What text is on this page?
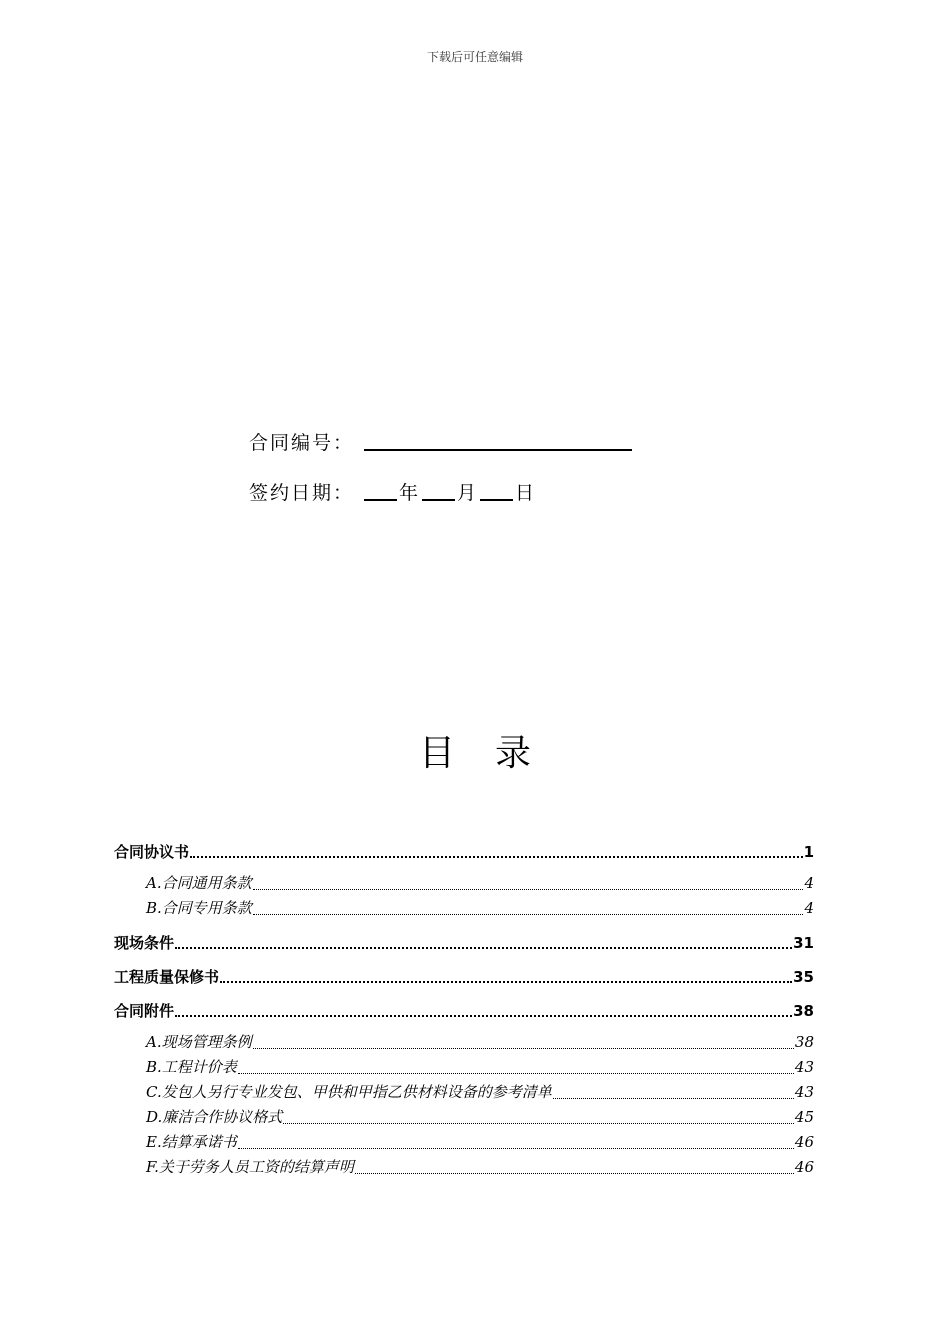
下载后可任意编辑
合同编号：
签约日期： 年 月 日
目录
合同协议书	1
A.合同通用条款	4
B.合同专用条款	4
现场条件	31
工程质量保修书	35
合同附件	38
A.现场管理条例	38
B.工程计价表	43
C.发包人另行专业发包、甲供和甲指乙供材料设备的参考清单	43
D.廉洁合作协议格式	45
E.结算承诺书	46
F.关于劳务人员工资的结算声明	46
